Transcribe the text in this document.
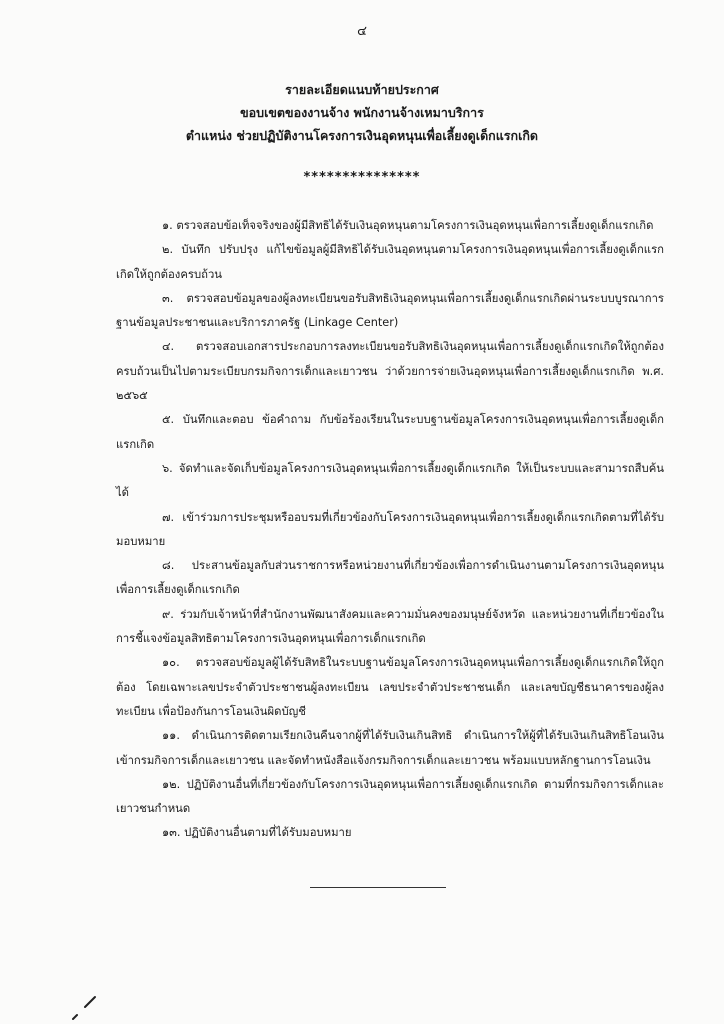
๔
รายละเอียดแนบท้ายประกาศ
ขอบเขตของงานจ้าง พนักงานจ้างเหมาบริการ
ตำแหน่ง ช่วยปฏิบัติงานโครงการเงินอุดหนุนเพื่อเลี้ยงดูเด็กแรกเกิด
***************

๑. ตรวจสอบข้อเท็จจริงของผู้มีสิทธิได้รับเงินอุดหนุนตามโครงการเงินอุดหนุนเพื่อการเลี้ยงดูเด็กแรกเกิด

๒. บันทึก ปรับปรุง แก้ไขข้อมูลผู้มีสิทธิได้รับเงินอุดหนุนตามโครงการเงินอุดหนุนเพื่อการเลี้ยงดูเด็กแรกเกิดให้ถูกต้องครบถ้วน

๓. ตรวจสอบข้อมูลของผู้ลงทะเบียนขอรับสิทธิเงินอุดหนุนเพื่อการเลี้ยงดูเด็กแรกเกิดผ่านระบบบูรณาการฐานข้อมูลประชาชนและบริการภาครัฐ (Linkage Center)

๔. ตรวจสอบเอกสารประกอบการลงทะเบียนขอรับสิทธิเงินอุดหนุนเพื่อการเลี้ยงดูเด็กแรกเกิดให้ถูกต้องครบถ้วนเป็นไปตามระเบียบกรมกิจการเด็กและเยาวชน ว่าด้วยการจ่ายเงินอุดหนุนเพื่อการเลี้ยงดูเด็กแรกเกิด พ.ศ. ๒๕๖๕

๕. บันทึกและตอบ ข้อคำถาม กับข้อร้องเรียนในระบบฐานข้อมูลโครงการเงินอุดหนุนเพื่อการเลี้ยงดูเด็กแรกเกิด

๖. จัดทำและจัดเก็บข้อมูลโครงการเงินอุดหนุนเพื่อการเลี้ยงดูเด็กแรกเกิด ให้เป็นระบบและสามารถสืบค้นได้

๗. เข้าร่วมการประชุมหรืออบรมที่เกี่ยวข้องกับโครงการเงินอุดหนุนเพื่อการเลี้ยงดูเด็กแรกเกิดตามที่ได้รับมอบหมาย

๘. ประสานข้อมูลกับส่วนราชการหรือหน่วยงานที่เกี่ยวข้องเพื่อการดำเนินงานตามโครงการเงินอุดหนุนเพื่อการเลี้ยงดูเด็กแรกเกิด

๙. ร่วมกับเจ้าหน้าที่สำนักงานพัฒนาสังคมและความมั่นคงของมนุษย์จังหวัด และหน่วยงานที่เกี่ยวข้องในการชี้แจงข้อมูลสิทธิตามโครงการเงินอุดหนุนเพื่อการเด็กแรกเกิด

๑๐. ตรวจสอบข้อมูลผู้ได้รับสิทธิในระบบฐานข้อมูลโครงการเงินอุดหนุนเพื่อการเลี้ยงดูเด็กแรกเกิดให้ถูกต้อง โดยเฉพาะเลขประจำตัวประชาชนผู้ลงทะเบียน เลขประจำตัวประชาชนเด็ก และเลขบัญชีธนาคารของผู้ลงทะเบียน เพื่อป้องกันการโอนเงินผิดบัญชี

๑๑. ดำเนินการติดตามเรียกเงินคืนจากผู้ที่ได้รับเงินเกินสิทธิ ดำเนินการให้ผู้ที่ได้รับเงินเกินสิทธิโอนเงินเข้ากรมกิจการเด็กและเยาวชน และจัดทำหนังสือแจ้งกรมกิจการเด็กและเยาวชน พร้อมแบบหลักฐานการโอนเงิน

๑๒. ปฏิบัติงานอื่นที่เกี่ยวข้องกับโครงการเงินอุดหนุนเพื่อการเลี้ยงดูเด็กแรกเกิด ตามที่กรมกิจการเด็กและเยาวชนกำหนด

๑๓. ปฏิบัติงานอื่นตามที่ได้รับมอบหมาย
